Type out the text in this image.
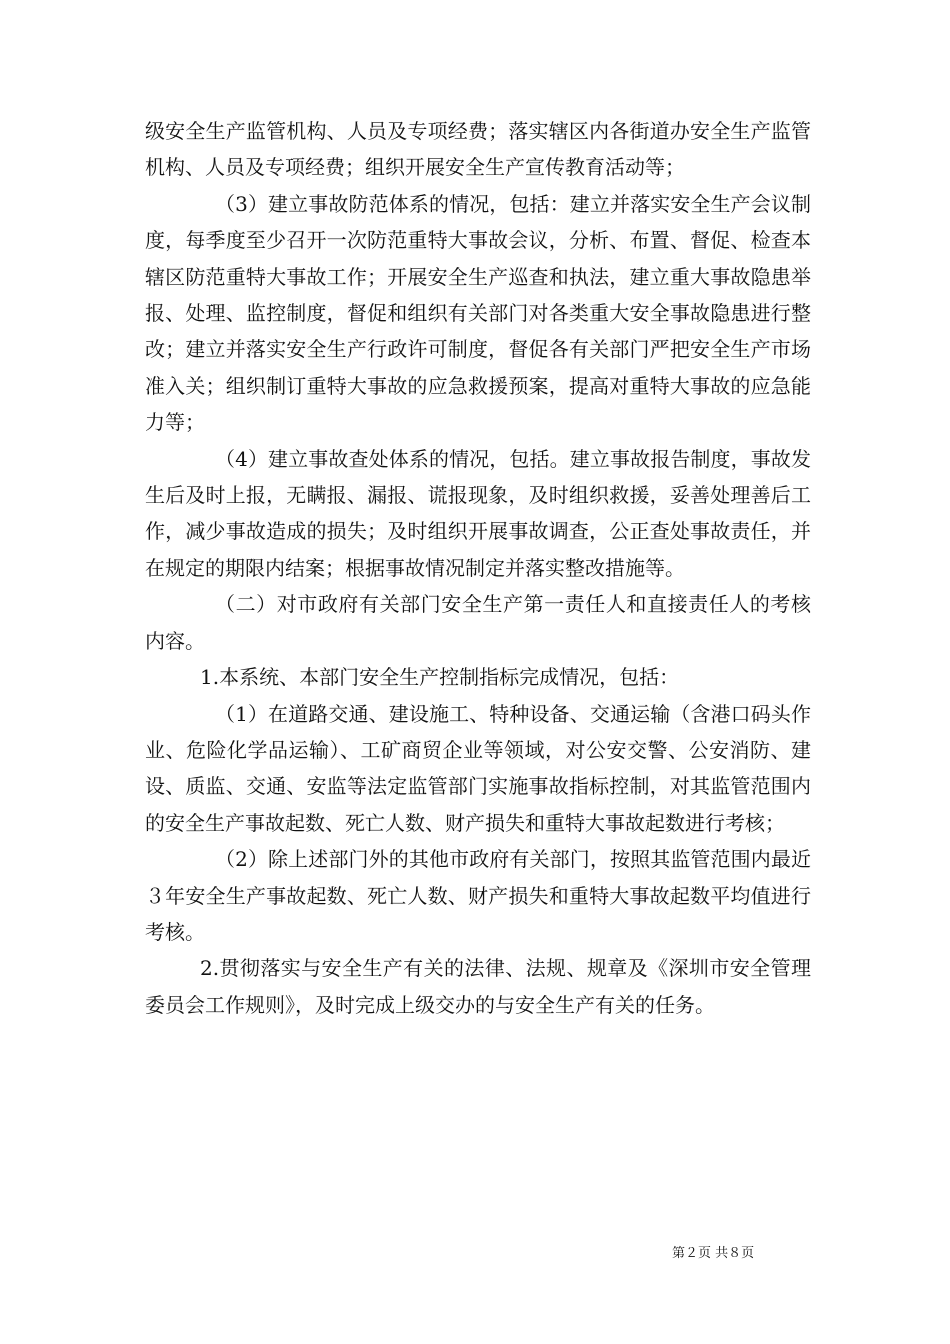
级安全生产监管机构、人员及专项经费；落实辖区内各街道办安全生产监管机构、人员及专项经费；组织开展安全生产宣传教育活动等；

（3）建立事故防范体系的情况，包括：建立并落实安全生产会议制度，每季度至少召开一次防范重特大事故会议，分析、布置、督促、检查本辖区防范重特大事故工作；开展安全生产巡查和执法，建立重大事故隐患举报、处理、监控制度，督促和组织有关部门对各类重大安全事故隐患进行整改；建立并落实安全生产行政许可制度，督促各有关部门严把安全生产市场准入关；组织制订重特大事故的应急救援预案，提高对重特大事故的应急能力等；

（4）建立事故查处体系的情况，包括。建立事故报告制度，事故发生后及时上报，无瞒报、漏报、谎报现象，及时组织救援，妥善处理善后工作，减少事故造成的损失；及时组织开展事故调查，公正查处事故责任，并在规定的期限内结案；根据事故情况制定并落实整改措施等。

（二）对市政府有关部门安全生产第一责任人和直接责任人的考核内容。

1.本系统、本部门安全生产控制指标完成情况，包括：

（1）在道路交通、建设施工、特种设备、交通运输（含港口码头作业、危险化学品运输）、工矿商贸企业等领域，对公安交警、公安消防、建设、质监、交通、安监等法定监管部门实施事故指标控制，对其监管范围内的安全生产事故起数、死亡人数、财产损失和重特大事故起数进行考核；

（2）除上述部门外的其他市政府有关部门，按照其监管范围内最近３年安全生产事故起数、死亡人数、财产损失和重特大事故起数平均值进行考核。

2.贯彻落实与安全生产有关的法律、法规、规章及《深圳市安全管理委员会工作规则》，及时完成上级交办的与安全生产有关的任务。

第２页 共８页
